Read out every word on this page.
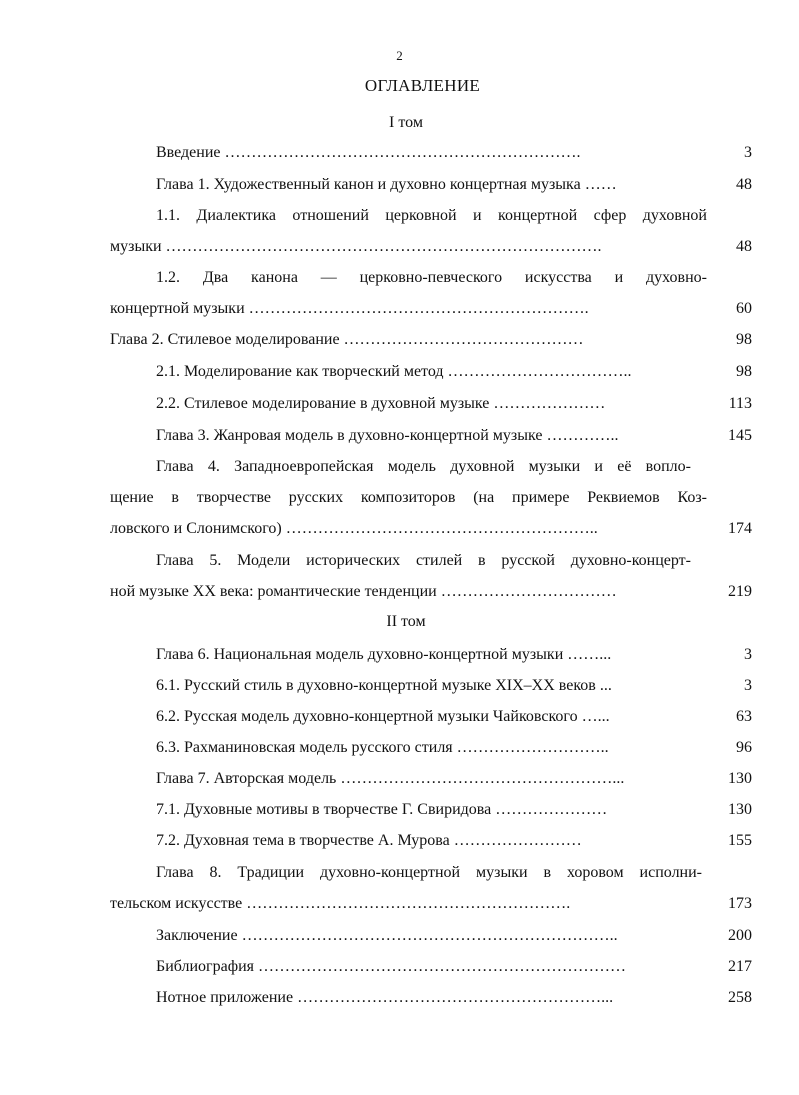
2
ОГЛАВЛЕНИЕ
I том
Введение ………………………………………………………….	3
Глава 1. Художественный канон и духовно концертная музыка ……	48
1.1. Диалектика отношений церковной и концертной сфер духовной
музыки ……………………………………………………………………….	48
1.2. Два канона — церковно-певческого искусства и духовно-
концертной музыки ……………………………………………………….	60
Глава 2. Стилевое моделирование ………………………………………	98
2.1. Моделирование как творческий метод ……………………………..	98
2.2. Стилевое моделирование в духовной музыке …………………	113
Глава 3. Жанровая модель в духовно-концертной музыке …………..	145
Глава 4. Западноевропейская модель духовной музыки и её вопло-
щение в творчестве русских композиторов (на примере Реквиемов Коз-
ловского и Слонимского) …………………………………………………..	174
Глава 5. Модели исторических стилей в русской духовно-концерт-
ной музыке XX века: романтические тенденции ……………………………	219
II том
Глава 6. Национальная модель духовно-концертной музыки ……...	3
6.1. Русский стиль в духовно-концертной музыке XIX–XX веков ...	3
6.2. Русская модель духовно-концертной музыки Чайковского …...	63
6.3. Рахманиновская модель русского стиля ………………………..	96
Глава 7. Авторская модель ……………………………………………...	130
7.1. Духовные мотивы в творчестве Г. Свиридова …………………	130
7.2. Духовная тема в творчестве А. Мурова ……………………	155
Глава 8. Традиции духовно-концертной музыки в хоровом исполни-
тельском искусстве …………………………………………………….	173
Заключение ……………………………………………………………..	200
Библиография ……………………………………………………………	217
Нотное приложение …………………………………………………...	258
